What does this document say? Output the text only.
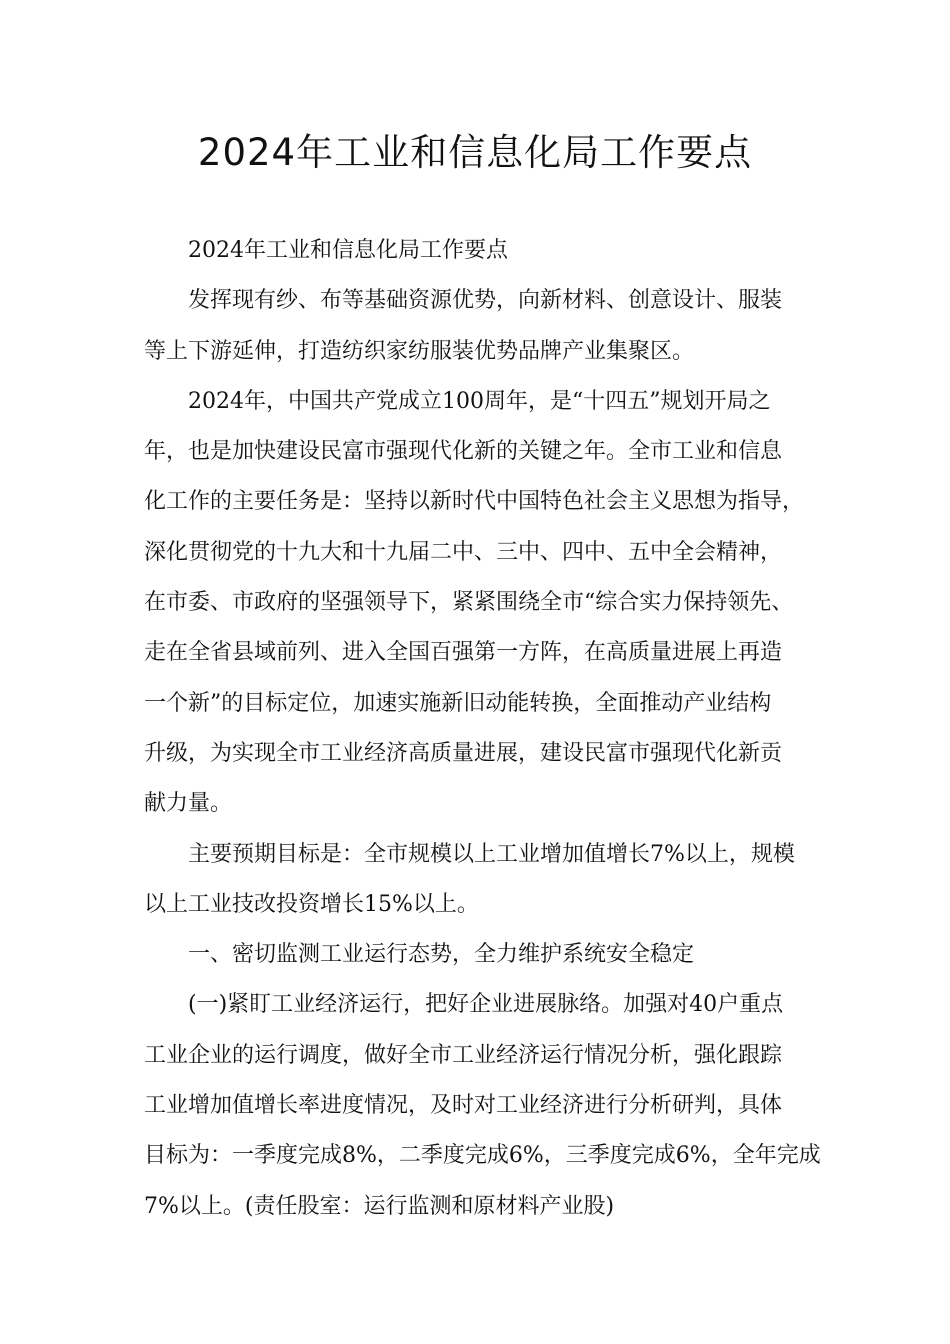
2024年工业和信息化局工作要点

2024年工业和信息化局工作要点

发挥现有纱、布等基础资源优势，向新材料、创意设计、服装

等上下游延伸，打造纺织家纺服装优势品牌产业集聚区。

2024年，中国共产党成立100周年，是“十四五”规划开局之

年，也是加快建设民富市强现代化新的关键之年。全市工业和信息

化工作的主要任务是：坚持以新时代中国特色社会主义思想为指导，

深化贯彻党的十九大和十九届二中、三中、四中、五中全会精神，

在市委、市政府的坚强领导下，紧紧围绕全市“综合实力保持领先、

走在全省县域前列、进入全国百强第一方阵，在高质量进展上再造

一个新”的目标定位，加速实施新旧动能转换，全面推动产业结构

升级，为实现全市工业经济高质量进展，建设民富市强现代化新贡

献力量。

主要预期目标是：全市规模以上工业增加值增长7%以上，规模

以上工业技改投资增长15%以上。

一、密切监测工业运行态势，全力维护系统安全稳定

(一)紧盯工业经济运行，把好企业进展脉络。加强对40户重点

工业企业的运行调度，做好全市工业经济运行情况分析，强化跟踪

工业增加值增长率进度情况，及时对工业经济进行分析研判，具体

目标为：一季度完成8%，二季度完成6%，三季度完成6%，全年完成

7%以上。(责任股室：运行监测和原材料产业股)
